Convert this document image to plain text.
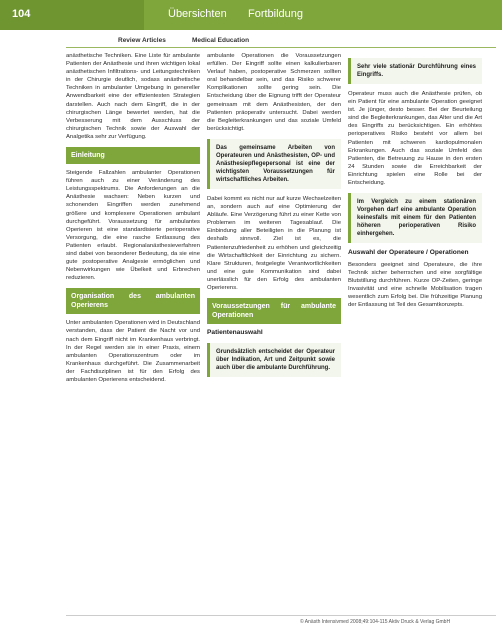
104	Übersichten Fortbildung
Review Articles	Medical Education

anästhetische Techniken. Eine Liste für ambulante Patienten der Anästhesie und ihren wichtigen lokal anästhetischen Infiltrations- und Leitungstechniken in der Chirurgie deutlich, sodass anästhetische Techniken in ambulanter Umgebung in genereller Anwendbarkeit eine der effizientesten Strategien darstellen. Auch nach dem Eingriff, die in der chirurgischen Länge bewertet werden, hat die Verbesserung mit dem Ausschluss der chirurgischen Technik sowie der Auswahl der Analgetika sehr zur Verfügung.

Einleitung

Steigende Fallzahlen ambulanter Operationen führen auch zu einer Veränderung des Leistungsspektrums. Die Anforderungen an die Anästhesie wachsen: Neben kurzen und schonenden Eingriffen werden zunehmend größere und komplexere Operationen ambulant durchgeführt. Voraussetzung für ambulantes Operieren ist eine standardisierte perioperative Versorgung, die eine rasche Entlassung des Patienten erlaubt. Regionalanästhesieverfahren sind dabei von besonderer Bedeutung, da sie eine gute postoperative Analgesie ermöglichen und Nebenwirkungen wie Übelkeit und Erbrechen reduzieren.

Organisation des ambulanten Operierens

Unter ambulanten Operationen wird in Deutschland verstanden, dass der Patient die Nacht vor und nach dem Eingriff nicht im Krankenhaus verbringt. In der Regel werden sie in einer Praxis, einem ambulanten Operationszentrum oder im Krankenhaus durchgeführt. Die Zusammenarbeit der Fachdisziplinen ist für den Erfolg des ambulanten Operierens entscheidend.

ambulante Operationen die Voraussetzungen erfüllen. Der Eingriff sollte einen kalkulierbaren Verlauf haben, postoperative Schmerzen sollten oral behandelbar sein, und das Risiko schwerer Komplikationen sollte gering sein. Die Entscheidung über die Eignung trifft der Operateur gemeinsam mit dem Anästhesisten, der den Patienten präoperativ untersucht. Dabei werden die Begleiterkrankungen und das soziale Umfeld berücksichtigt.

Das gemeinsame Arbeiten von Operateuren und Anästhesisten, OP- und Anästhesiepflegepersonal ist eine der wichtigsten Voraussetzungen für wirtschaftliches Arbeiten.

Dabei kommt es nicht nur auf kurze Wechselzeiten an, sondern auch auf eine Optimierung der Abläufe. Eine Verzögerung führt zu einer Kette von Problemen im weiteren Tagesablauf. Die Einbindung aller Beteiligten in die Planung ist deshalb sinnvoll. Ziel ist es, die Patientenzufriedenheit zu erhöhen und gleichzeitig die Wirtschaftlichkeit der Einrichtung zu sichern. Klare Strukturen, festgelegte Verantwortlichkeiten und eine gute Kommunikation sind dabei unerlässlich für den Erfolg des ambulanten Operierens.

Voraussetzungen für ambulante Operationen
Patientenauswahl
Grundsätzlich entscheidet der Operateur über Indikation, Art und Zeitpunkt sowie auch über die ambulante Durchführung.
Sehr viele stationär Durchführung eines Eingriffs.

Operateur muss auch die Anästhesie prüfen, ob ein Patient für eine ambulante Operation geeignet ist. Je jünger, desto besser. Bei der Beurteilung sind die Begleiterkrankungen, das Alter und die Art des Eingriffs zu berücksichtigen. Ein erhöhtes perioperatives Risiko besteht vor allem bei Patienten mit schweren kardiopulmonalen Erkrankungen. Auch das soziale Umfeld des Patienten, die Betreuung zu Hause in den ersten 24 Stunden sowie die Erreichbarkeit der Einrichtung spielen eine Rolle bei der Entscheidung.

Im Vergleich zu einem stationären Vorgehen darf eine ambulante Operation keinesfalls mit einem für den Patienten höheren perioperativen Risiko einhergehen.
Auswahl der Operateure / Operationen

Besonders geeignet sind Operateure, die ihre Technik sicher beherrschen und eine sorgfältige Blutstillung durchführen. Kurze OP-Zeiten, geringe Invasivität und eine schnelle Mobilisation tragen wesentlich zum Erfolg bei. Die frühzeitige Planung der Entlassung ist Teil des Gesamtkonzepts.

© Anästh Intensivmed 2008;49:104-115 Aktiv Druck & Verlag GmbH
